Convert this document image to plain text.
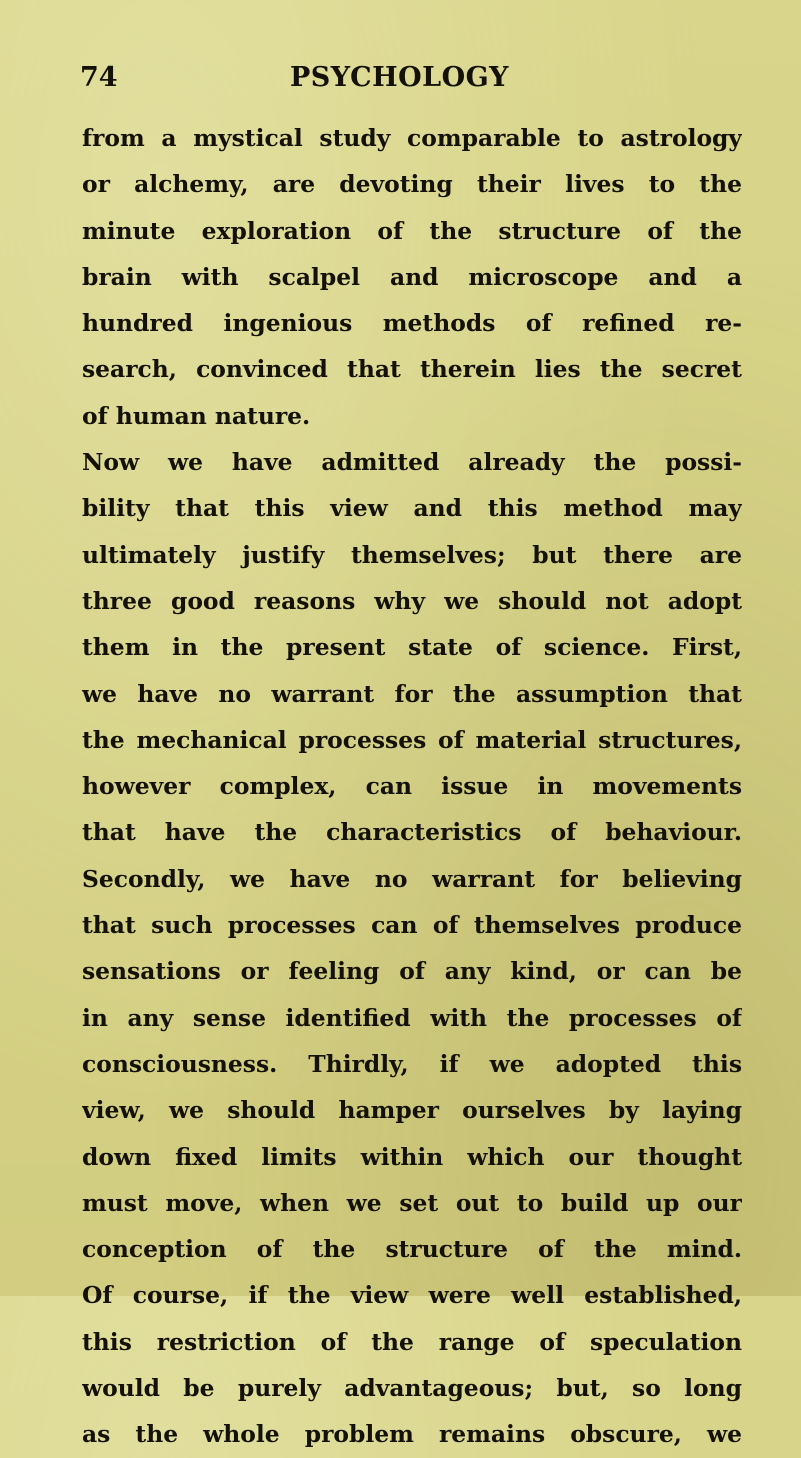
74	PSYCHOLOGY
from a mystical study comparable to astrology
or alchemy, are devoting their lives to the
minute exploration of the structure of the
brain with scalpel and microscope and a
hundred ingenious methods of refined re-
search, convinced that therein lies the secret
of human nature.
Now we have admitted already the possi-
bility that this view and this method may
ultimately justify themselves; but there are
three good reasons why we should not adopt
them in the present state of science. First,
we have no warrant for the assumption that
the mechanical processes of material structures,
however complex, can issue in movements
that have the characteristics of behaviour.
Secondly, we have no warrant for believing
that such processes can of themselves produce
sensations or feeling of any kind, or can be
in any sense identified with the processes of
consciousness. Thirdly, if we adopted this
view, we should hamper ourselves by laying
down fixed limits within which our thought
must move, when we set out to build up our
conception of the structure of the mind.
Of course, if the view were well established,
this restriction of the range of speculation
would be purely advantageous; but, so long
as the whole problem remains obscure, we
